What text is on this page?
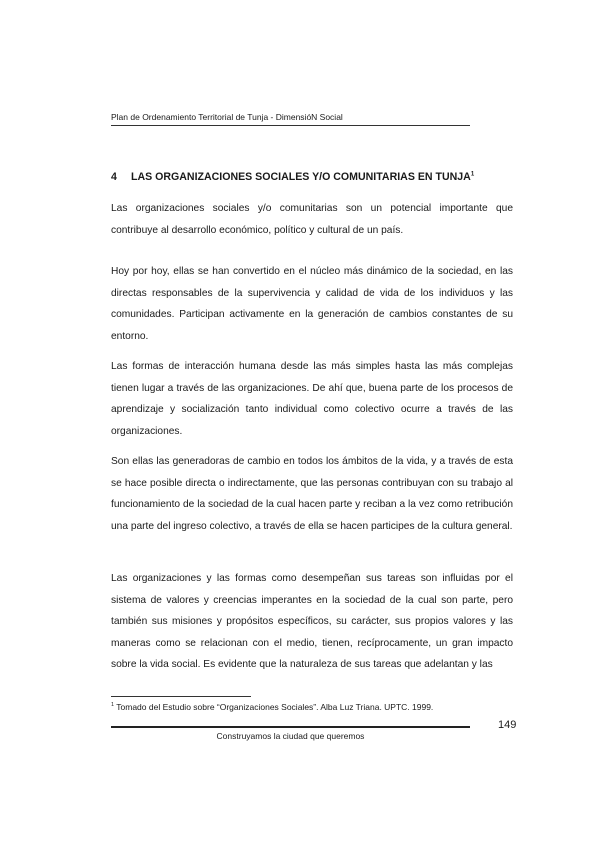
Plan de Ordenamiento Territorial de Tunja - DimensióN Social
4 LAS ORGANIZACIONES SOCIALES Y/O COMUNITARIAS EN TUNJA$^1$
Las organizaciones sociales y/o comunitarias son un potencial importante que contribuye al desarrollo económico, político y cultural de un país.
Hoy por hoy, ellas se han convertido en el núcleo más dinámico de la sociedad, en las directas responsables de la supervivencia y calidad de vida de los individuos y las comunidades. Participan activamente en la generación de cambios constantes de su entorno.
Las formas de interacción humana desde las más simples hasta las más complejas tienen lugar a través de las organizaciones. De ahí que, buena parte de los procesos de aprendizaje y socialización tanto individual como colectivo ocurre a través de las organizaciones.
Son ellas las generadoras de cambio en todos los ámbitos de la vida, y a través de esta se hace posible directa o indirectamente, que las personas contribuyan con su trabajo al funcionamiento de la sociedad de la cual hacen parte y reciban a la vez como retribución una parte del ingreso colectivo, a través de ella se hacen participes de la cultura general.
Las organizaciones y las formas como desempeñan sus tareas son influidas por el sistema de valores y creencias imperantes en la sociedad de la cual son parte, pero también sus misiones y propósitos específicos, su carácter, sus propios valores y las maneras como se relacionan con el medio, tienen, recíprocamente, un gran impacto sobre la vida social. Es evidente que la naturaleza de sus tareas que adelantan y las
$^1$ Tomado del Estudio sobre “Organizaciones Sociales”. Alba Luz Triana. UPTC. 1999.
149
Construyamos la ciudad que queremos
